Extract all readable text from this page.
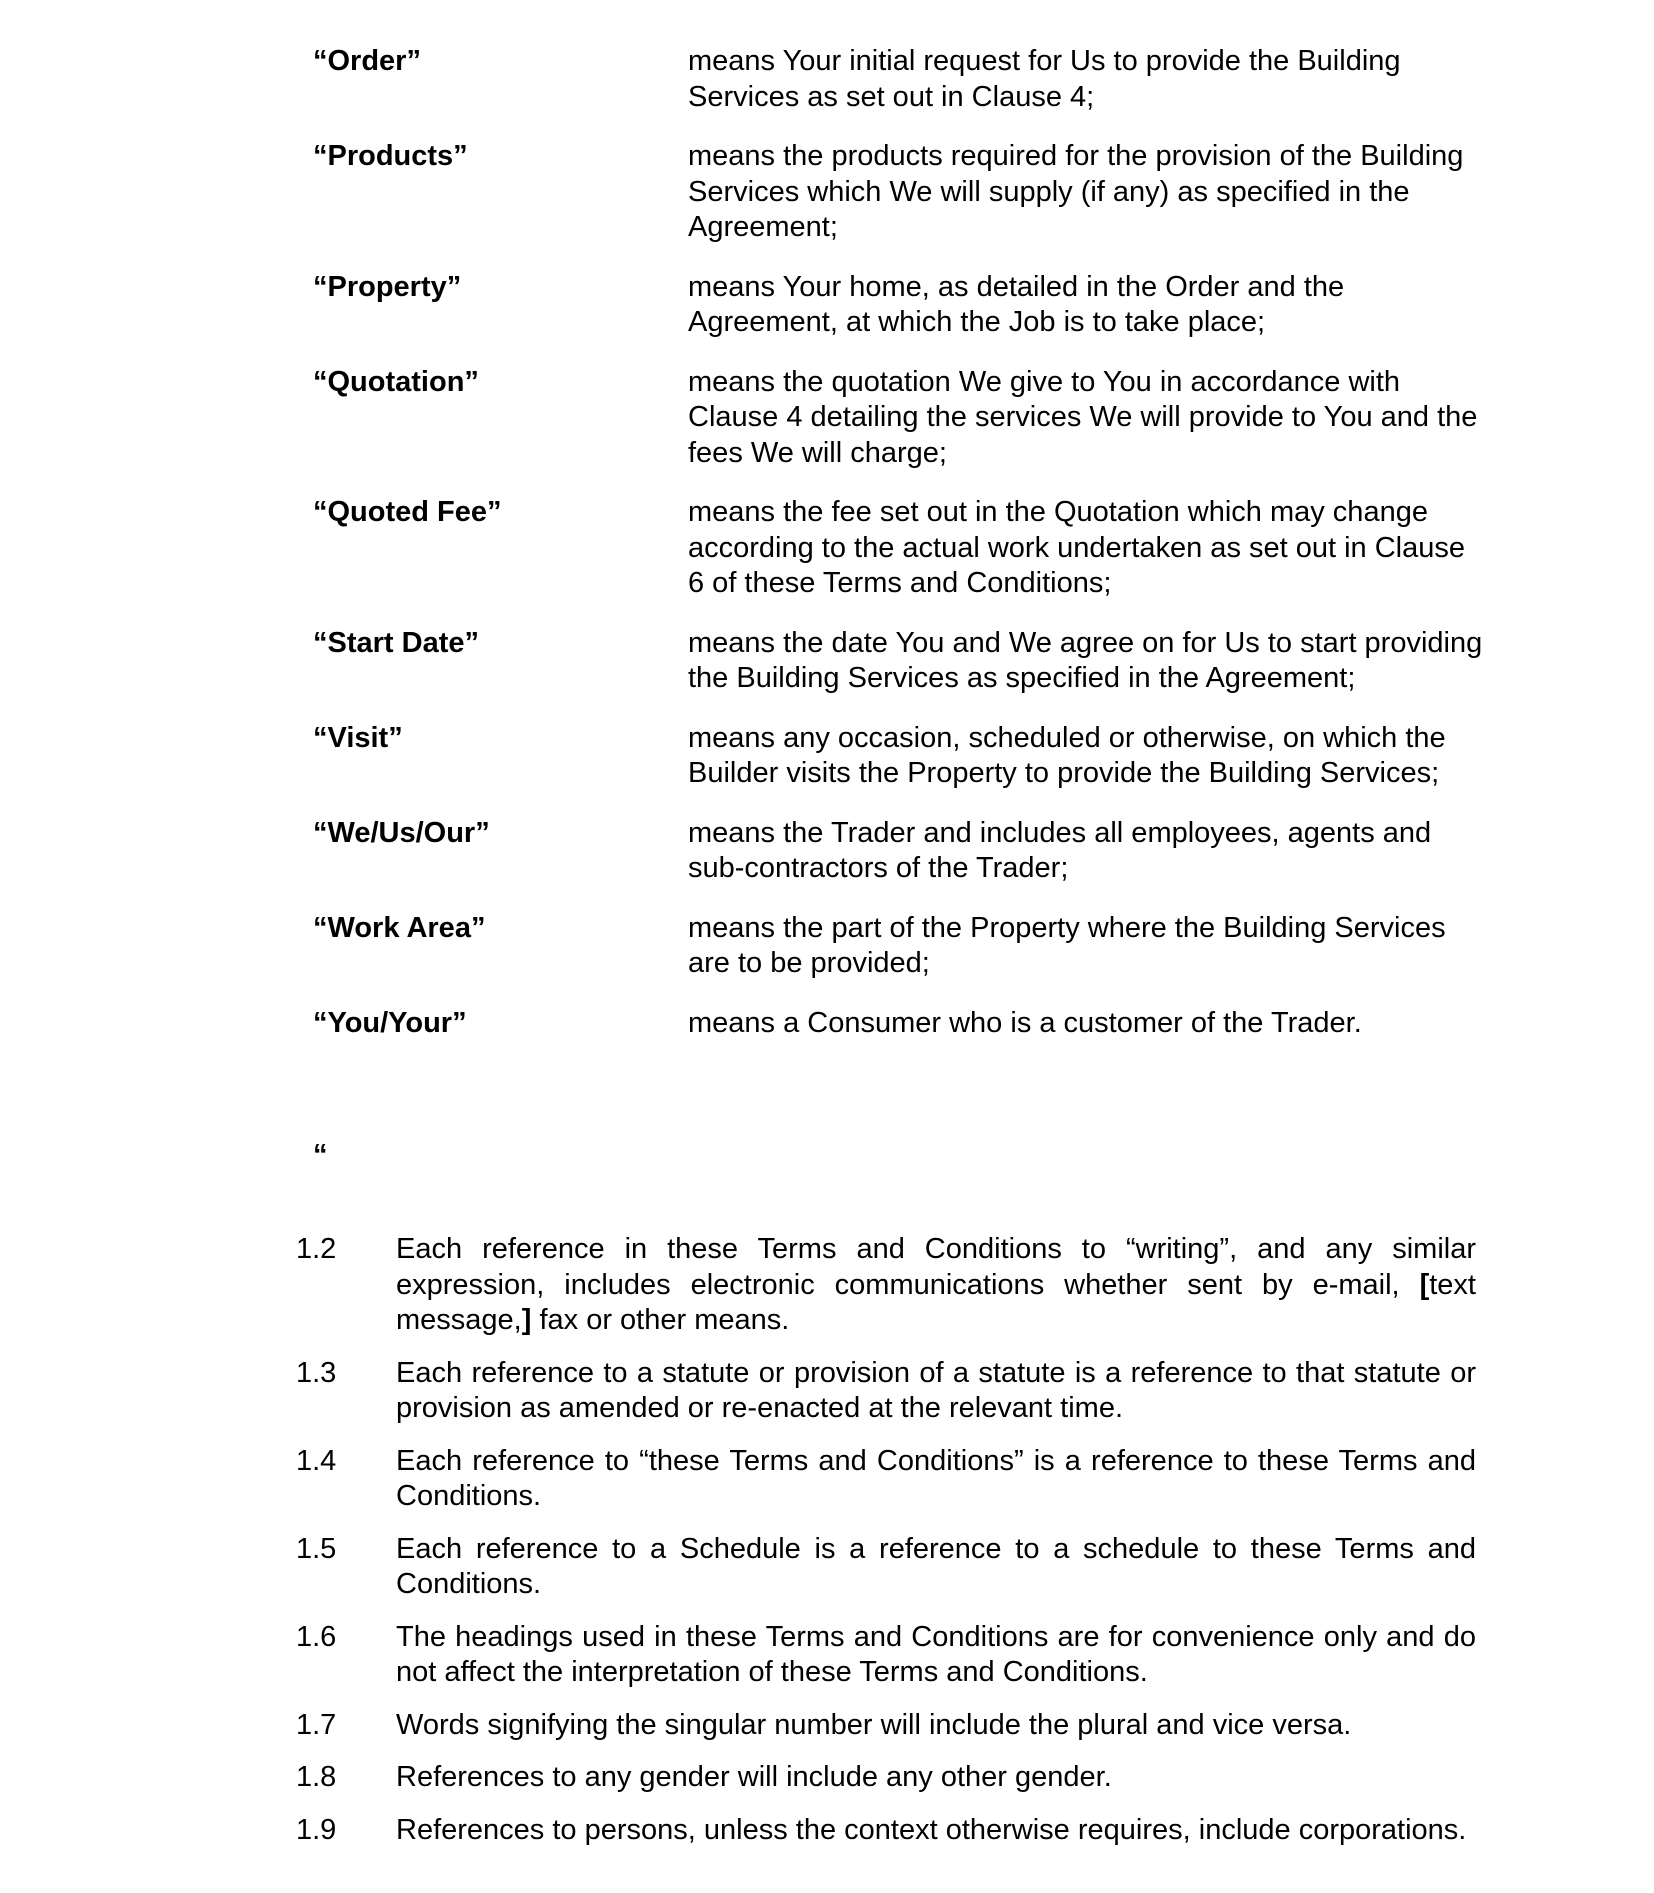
“Order”	means Your initial request for Us to provide the Building Services as set out in Clause 4;
“Products”	means the products required for the provision of the Building Services which We will supply (if any) as specified in the Agreement;
“Property”	means Your home, as detailed in the Order and the Agreement, at which the Job is to take place;
“Quotation”	means the quotation We give to You in accordance with Clause 4 detailing the services We will provide to You and the fees We will charge;
“Quoted Fee”	means the fee set out in the Quotation which may change according to the actual work undertaken as set out in Clause 6 of these Terms and Conditions;
“Start Date”	means the date You and We agree on for Us to start providing the Building Services as specified in the Agreement;
“Visit”	means any occasion, scheduled or otherwise, on which the Builder visits the Property to provide the Building Services;
“We/Us/Our”	means the Trader and includes all employees, agents and sub-contractors of the Trader;
“Work Area”	means the part of the Property where the Building Services are to be provided;
“You/Your”	means a Consumer who is a customer of the Trader.
“
1.2	Each reference in these Terms and Conditions to “writing”, and any similar expression, includes electronic communications whether sent by e-mail, [text message,] fax or other means.
1.3	Each reference to a statute or provision of a statute is a reference to that statute or provision as amended or re-enacted at the relevant time.
1.4	Each reference to “these Terms and Conditions” is a reference to these Terms and Conditions.
1.5	Each reference to a Schedule is a reference to a schedule to these Terms and Conditions.
1.6	The headings used in these Terms and Conditions are for convenience only and do not affect the interpretation of these Terms and Conditions.
1.7	Words signifying the singular number will include the plural and vice versa.
1.8	References to any gender will include any other gender.
1.9	References to persons, unless the context otherwise requires, include corporations.
